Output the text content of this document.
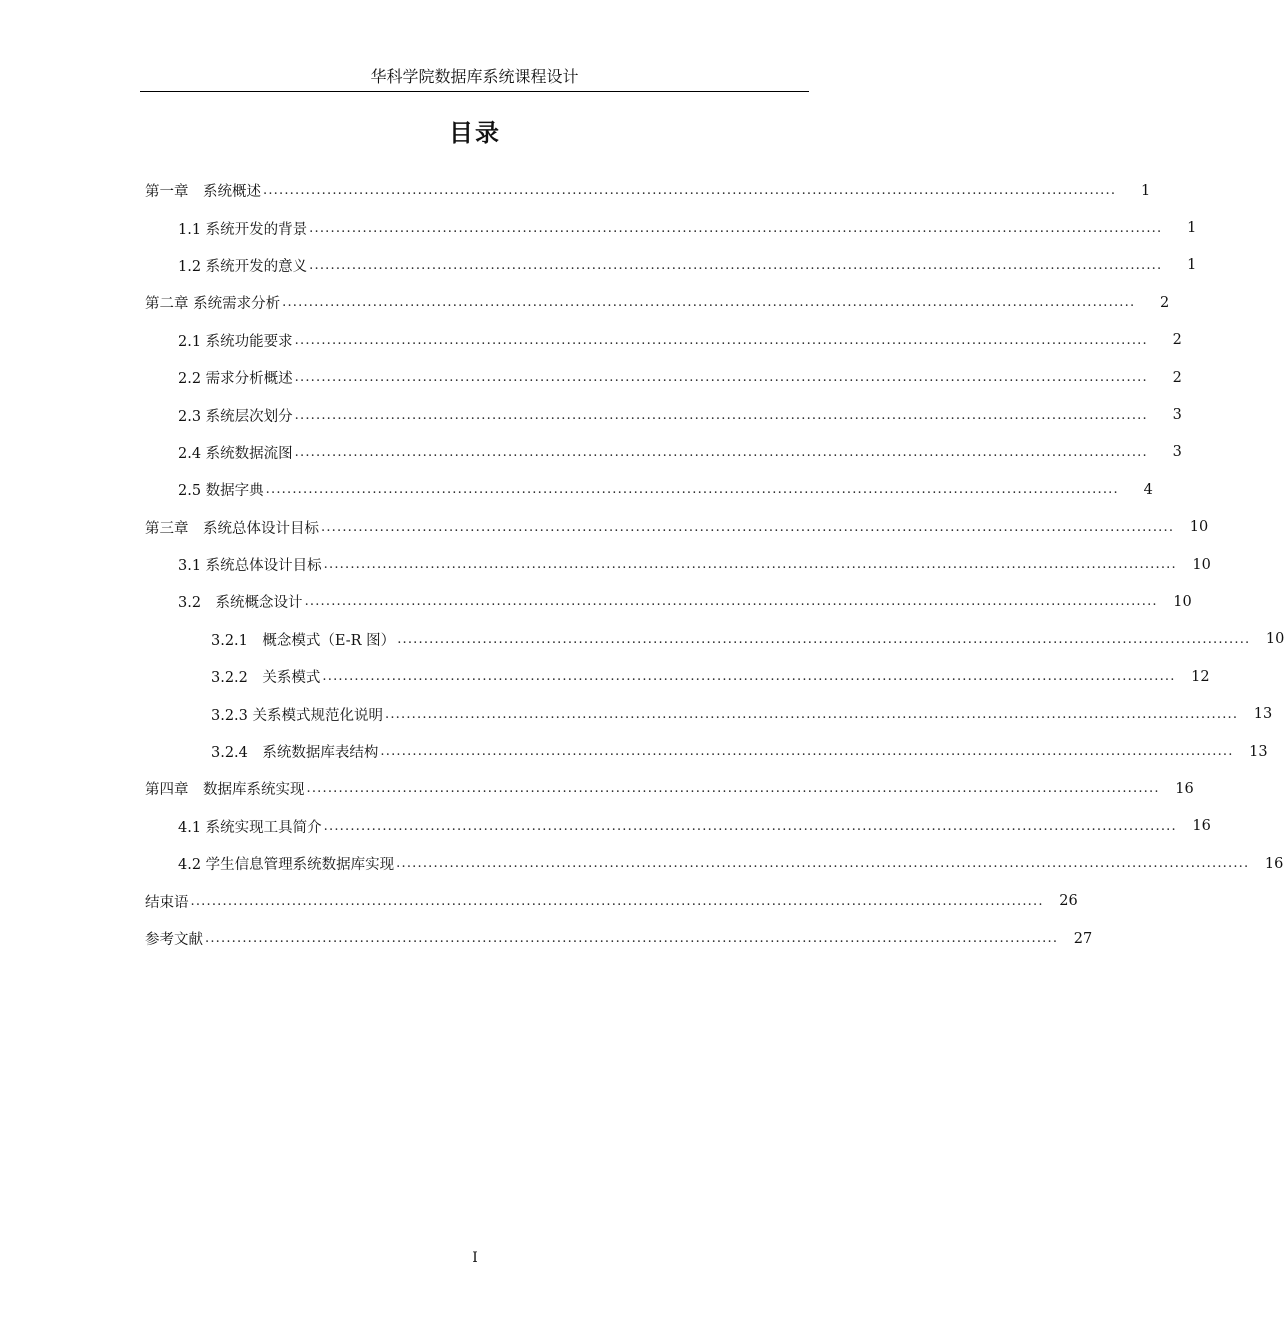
华科学院数据库系统课程设计
目录
第一章　系统概述 ................................................................................................................................................................	1
1.1 系统开发的背景 ................................................................................................................................................................	1
1.2 系统开发的意义 ................................................................................................................................................................	1
第二章 系统需求分析 ................................................................................................................................................................	2
2.1 系统功能要求 ................................................................................................................................................................	2
2.2 需求分析概述 ................................................................................................................................................................	2
2.3 系统层次划分 ................................................................................................................................................................	3
2.4 系统数据流图 ................................................................................................................................................................	3
2.5 数据字典 ................................................................................................................................................................	4
第三章　系统总体设计目标 ................................................................................................................................................................ 10
3.1 系统总体设计目标 ................................................................................................................................................................ 10
3.2　系统概念设计 ................................................................................................................................................................ 10
3.2.1　概念模式（E-R 图） ................................................................................................................................................................ 10
3.2.2　关系模式 ................................................................................................................................................................ 12
3.2.3 关系模式规范化说明 ................................................................................................................................................................ 13
3.2.4　系统数据库表结构 ................................................................................................................................................................ 13
第四章　数据库系统实现 ................................................................................................................................................................ 16
4.1 系统实现工具简介 ................................................................................................................................................................ 16
4.2 学生信息管理系统数据库实现 ................................................................................................................................................................ 16
结束语 ................................................................................................................................................................ 26
参考文献 ................................................................................................................................................................ 27
I
